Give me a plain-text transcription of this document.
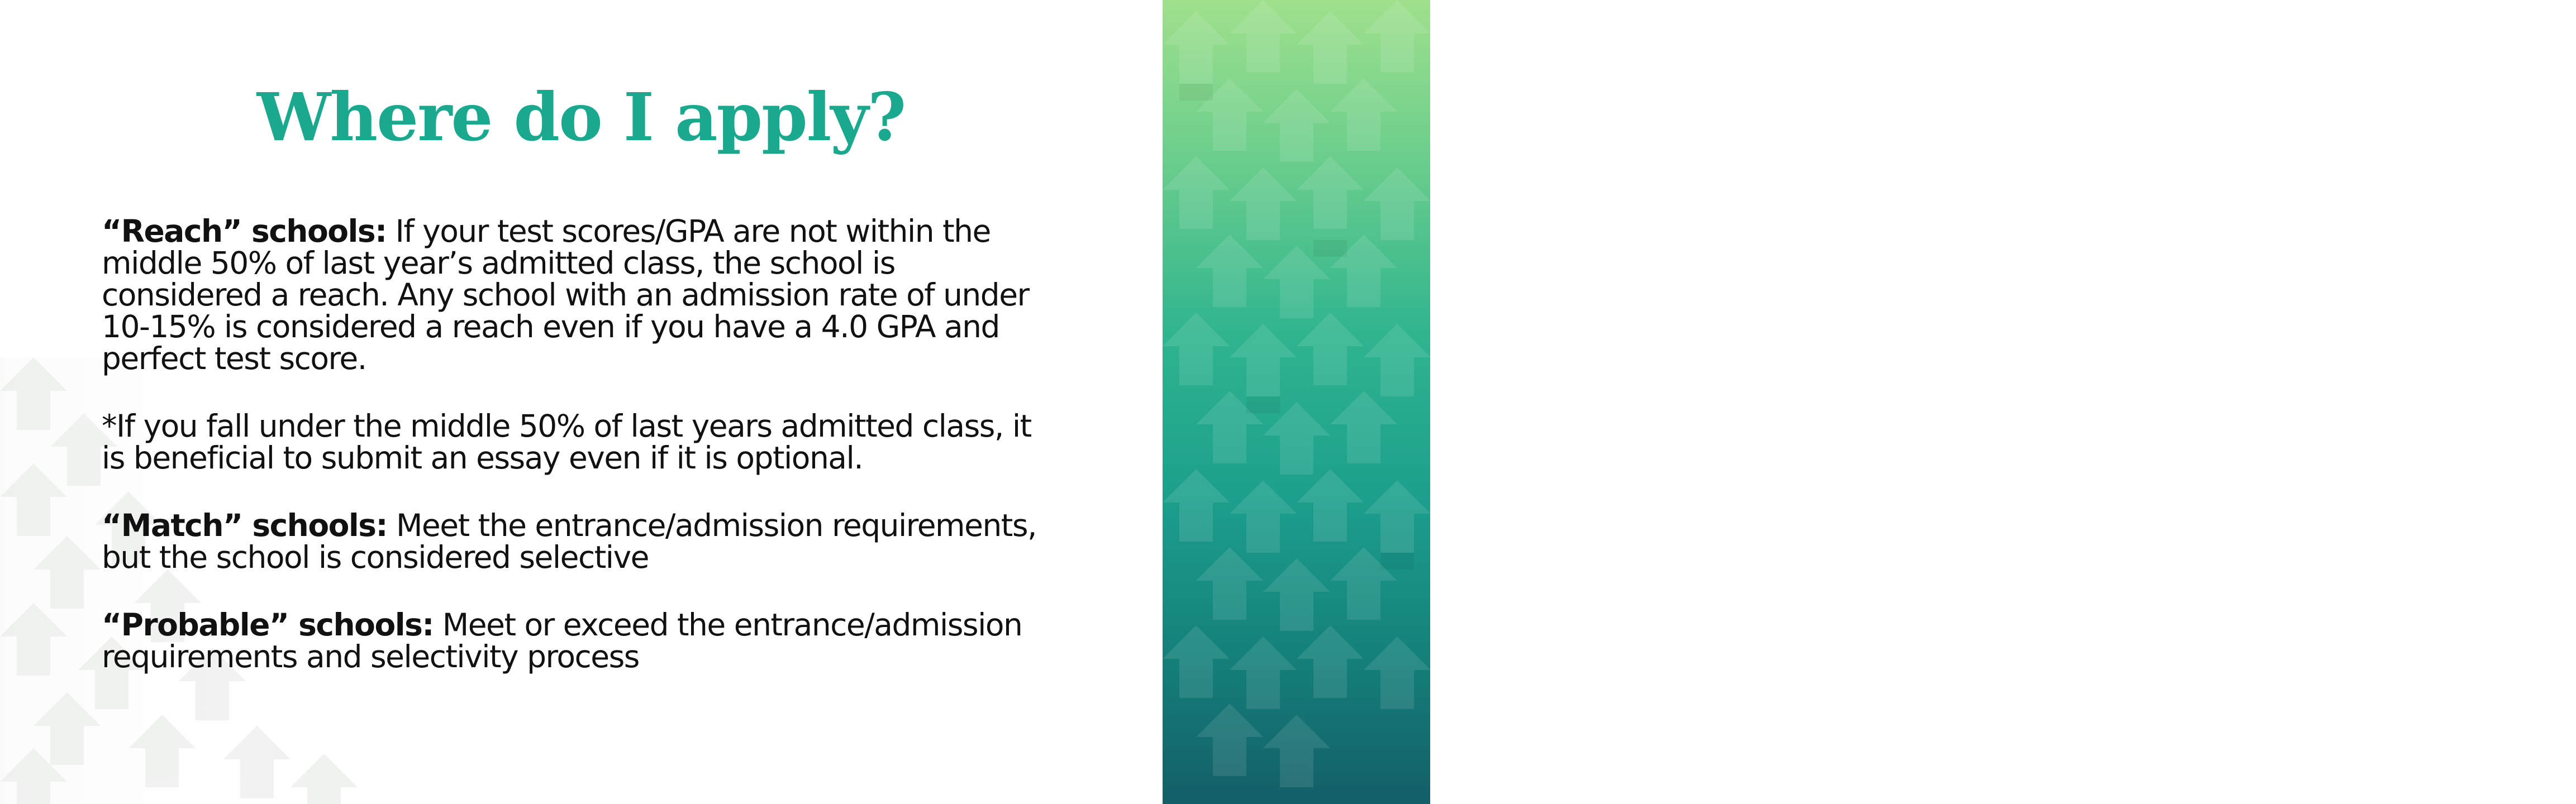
3
Where do I apply?

“Reach” schools: If your test scores/GPA are not within the middle 50% of last year’s admitted class, the school is considered a reach. Any school with an admission rate of under 10-15% is considered a reach even if you have a 4.0 GPA and perfect test score.

*If you fall under the middle 50% of last years admitted class, it is beneficial to submit an essay even if it is optional.

“Match” schools: Meet the entrance/admission requirements, but the school is considered selective

“Probable” schools: Meet or exceed the entrance/admission requirements and selectivity process
